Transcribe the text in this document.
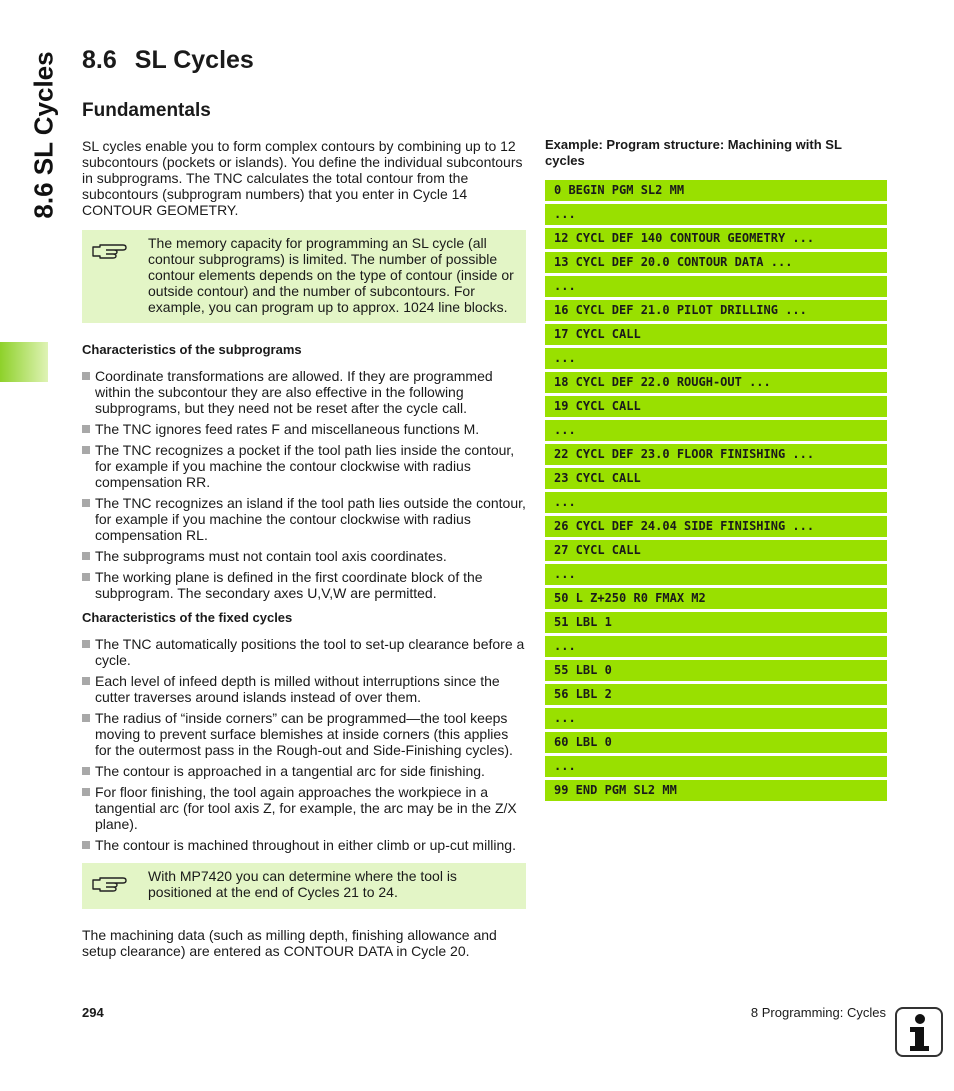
8.6 SL Cycles 8.6 SL Cycles
Fundamentals

SL cycles enable you to form complex contours by combining up to 12 subcontours (pockets or islands). You define the individual subcontours in subprograms. The TNC calculates the total contour from the subcontours (subprogram numbers) that you enter in Cycle 14 CONTOUR GEOMETRY.

The memory capacity for programming an SL cycle (all contour subprograms) is limited. The number of possible contour elements depends on the type of contour (inside or outside contour) and the number of subcontours. For example, you can program up to approx. 1024 line blocks.
Characteristics of the subprograms
Coordinate transformations are allowed. If they are programmed within the subcontour they are also effective in the following subprograms, but they need not be reset after the cycle call.
The TNC ignores feed rates F and miscellaneous functions M.
The TNC recognizes a pocket if the tool path lies inside the contour, for example if you machine the contour clockwise with radius compensation RR.
The TNC recognizes an island if the tool path lies outside the contour, for example if you machine the contour clockwise with radius compensation RL.
The subprograms must not contain tool axis coordinates.
The working plane is defined in the first coordinate block of the subprogram. The secondary axes U,V,W are permitted.
Characteristics of the fixed cycles
The TNC automatically positions the tool to set-up clearance before a cycle.
Each level of infeed depth is milled without interruptions since the cutter traverses around islands instead of over them.
The radius of “inside corners” can be programmed—the tool keeps moving to prevent surface blemishes at inside corners (this applies for the outermost pass in the Rough-out and Side-Finishing cycles).
The contour is approached in a tangential arc for side finishing.
For floor finishing, the tool again approaches the workpiece in a tangential arc (for tool axis Z, for example, the arc may be in the Z/X plane).
The contour is machined throughout in either climb or up-cut milling.
With MP7420 you can determine where the tool is positioned at the end of Cycles 21 to 24.

The machining data (such as milling depth, finishing allowance and setup clearance) are entered as CONTOUR DATA in Cycle 20.

Example: Program structure: Machining with SL cycles
0 BEGIN PGM SL2 MM
...
12 CYCL DEF 140 CONTOUR GEOMETRY ...
13 CYCL DEF 20.0 CONTOUR DATA ...
...
16 CYCL DEF 21.0 PILOT DRILLING ...
17 CYCL CALL
...
18 CYCL DEF 22.0 ROUGH-OUT ...
19 CYCL CALL
...
22 CYCL DEF 23.0 FLOOR FINISHING ...
23 CYCL CALL
...
26 CYCL DEF 24.04 SIDE FINISHING ...
27 CYCL CALL
...
50 L Z+250 R0 FMAX M2
51 LBL 1
...
55 LBL 0
56 LBL 2
...
60 LBL 0
...
99 END PGM SL2 MM
294	8 Programming: Cycles
